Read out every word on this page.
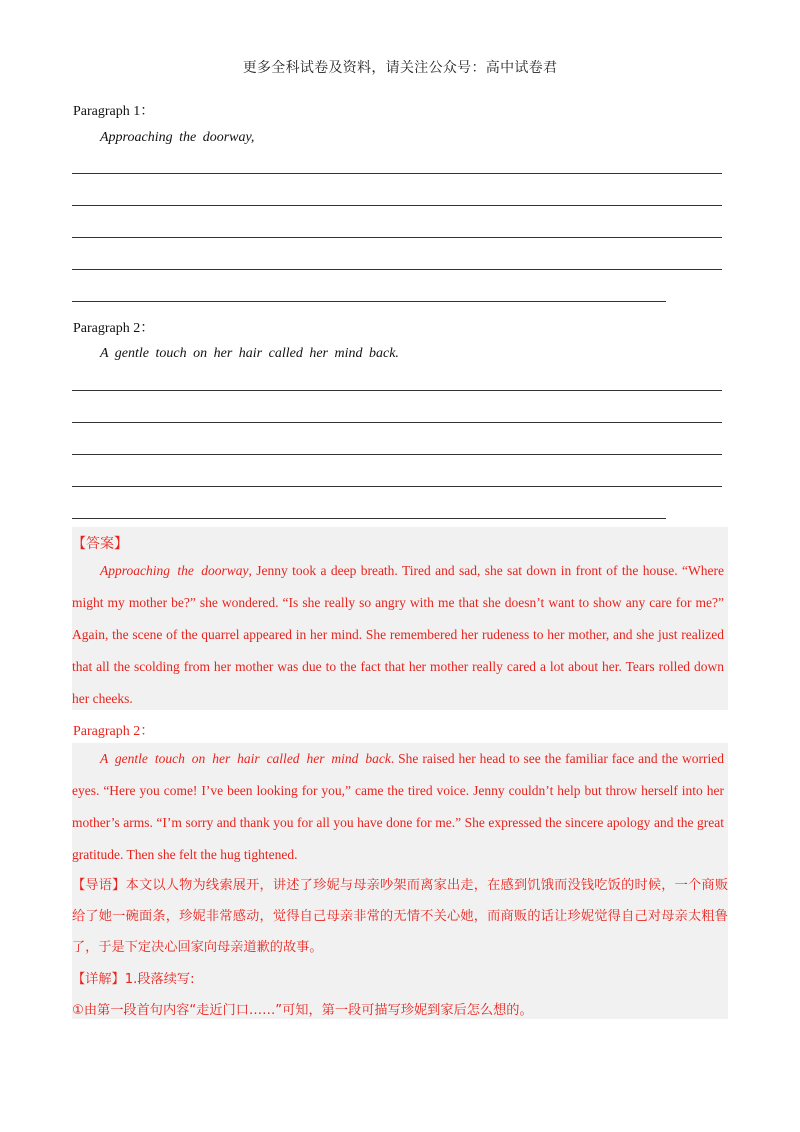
更多全科试卷及资料，请关注公众号：高中试卷君
Paragraph 1：
Approaching the doorway,
Paragraph 2：
A gentle touch on her hair called her mind back.
【答案】

Approaching the doorway, Jenny took a deep breath. Tired and sad, she sat down in front of the house. “Where might my mother be?” she wondered. “Is she really so angry with me that she doesn’t want to show any care for me?” Again, the scene of the quarrel appeared in her mind. She remembered her rudeness to her mother, and she just realized that all the scolding from her mother was due to the fact that her mother really cared a lot about her. Tears rolled down her cheeks.

Paragraph 2：

A gentle touch on her hair called her mind back. She raised her head to see the familiar face and the worried eyes. “Here you come! I’ve been looking for you,” came the tired voice. Jenny couldn’t help but throw herself into her mother’s arms. “I’m sorry and thank you for all you have done for me.” She expressed the sincere apology and the great gratitude. Then she felt the hug tightened.

【导语】本文以人物为线索展开，讲述了珍妮与母亲吵架而离家出走，在感到饥饿而没钱吃饭的时候，一个商贩给了她一碗面条，珍妮非常感动，觉得自己母亲非常的无情不关心她，而商贩的话让珍妮觉得自己对母亲太粗鲁了，于是下定决心回家向母亲道歉的故事。

【详解】1.段落续写:

①由第一段首句内容“走近门口……”可知，第一段可描写珍妮到家后怎么想的。
